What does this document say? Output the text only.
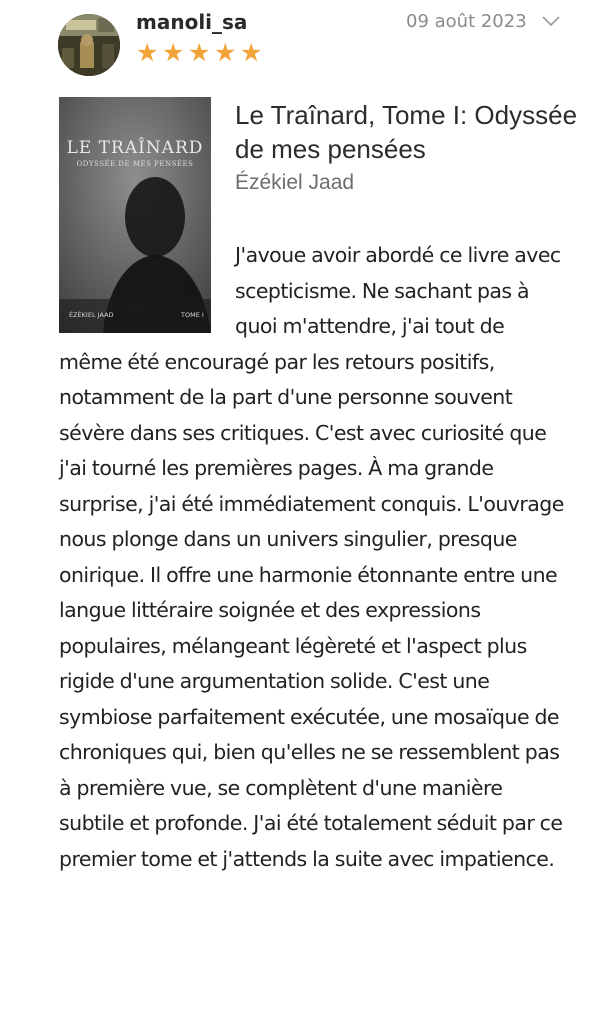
manoli_sa
★ ★ ★ ★ ★
09 août 2023
LE TRAÎNARD
ODYSSÉE DE MES PENSÉES
ÉZÉKIEL JAAD	TOME I
Le Traînard, Tome I: Odyssée de mes pensées
Ézékiel Jaad
J'avoue avoir abordé ce livre avec scepticisme. Ne sachant pas à quoi m'attendre, j'ai tout de même été encouragé par les retours positifs, notamment de la part d'une personne souvent sévère dans ses critiques. C'est avec curiosité que j'ai tourné les premières pages. À ma grande surprise, j'ai été immédiatement conquis. L'ouvrage nous plonge dans un univers singulier, presque onirique. Il offre une harmonie étonnante entre une langue littéraire soignée et des expressions populaires, mélangeant légèreté et l'aspect plus rigide d'une argumentation solide. C'est une symbiose parfaitement exécutée, une mosaïque de chroniques qui, bien qu'elles ne se ressemblent pas à première vue, se complètent d'une manière subtile et profonde. J'ai été totalement séduit par ce premier tome et j'attends la suite avec impatience.
